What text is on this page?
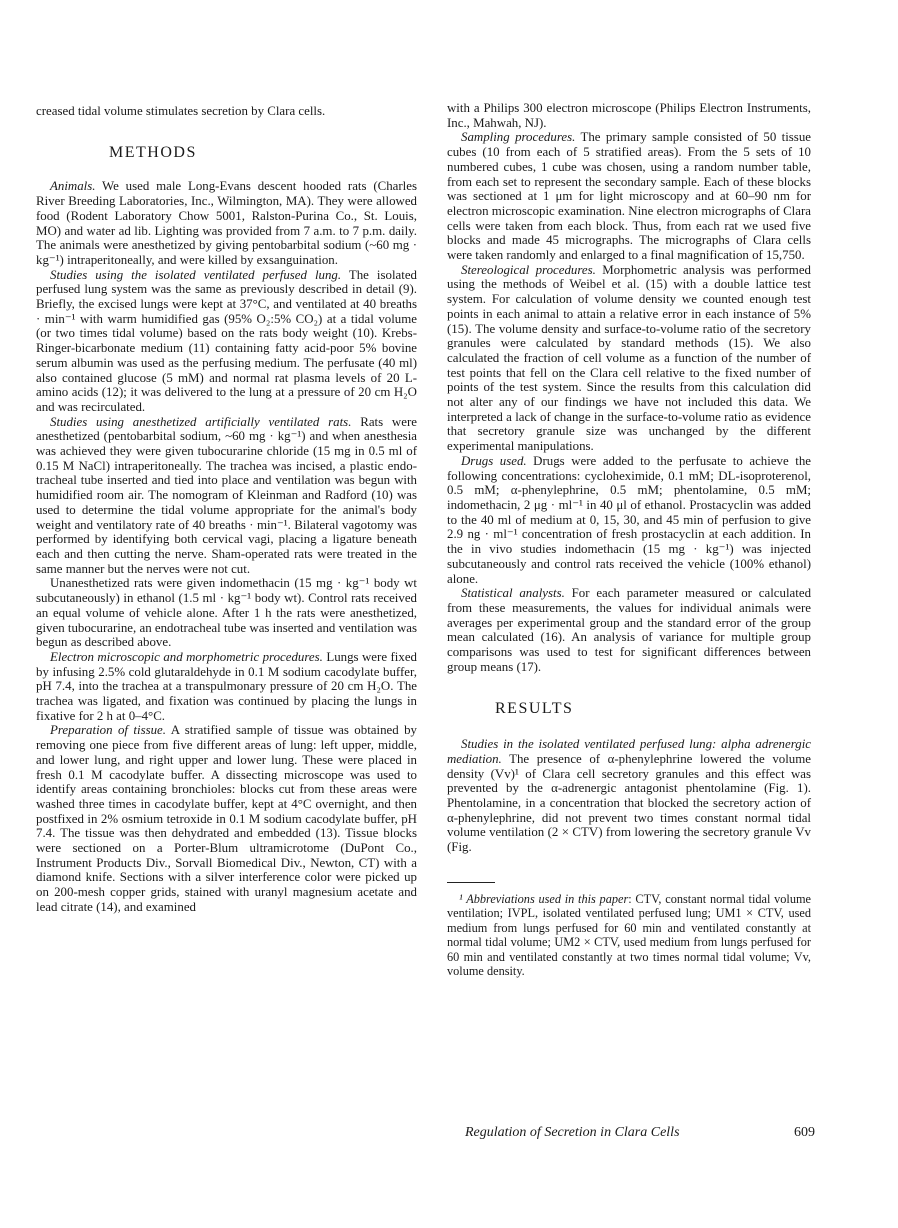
creased tidal volume stimulates secretion by Clara cells.

METHODS

Animals. We used male Long-Evans descent hooded rats (Charles River Breeding Laboratories, Inc., Wilmington, MA). They were allowed food (Rodent Laboratory Chow 5001, Ralston-Purina Co., St. Louis, MO) and water ad lib. Lighting was provided from 7 a.m. to 7 p.m. daily. The animals were anesthetized by giving pentobarbital sodium (~60 mg · kg⁻¹) intraperitoneally, and were killed by exsanguination.

Studies using the isolated ventilated perfused lung. The isolated perfused lung system was the same as previously described in detail (9). Briefly, the excised lungs were kept at 37°C, and ventilated at 40 breaths · min⁻¹ with warm humidified gas (95% O₂:5% CO₂) at a tidal volume (or two times tidal volume) based on the rats body weight (10). Krebs-Ringer-bicarbonate medium (11) containing fatty acid-poor 5% bovine serum albumin was used as the perfusing medium. The perfusate (40 ml) also contained glucose (5 mM) and normal rat plasma levels of 20 L-amino acids (12); it was delivered to the lung at a pressure of 20 cm H₂O and was recirculated.

Studies using anesthetized artificially ventilated rats. Rats were anesthetized (pentobarbital sodium, ~60 mg · kg⁻¹) and when anesthesia was achieved they were given tubocurarine chloride (15 mg in 0.5 ml of 0.15 M NaCl) intraperitoneally. The trachea was incised, a plastic endotracheal tube inserted and tied into place and ventilation was begun with humidified room air. The nomogram of Kleinman and Radford (10) was used to determine the tidal volume appropriate for the animal's body weight and ventilatory rate of 40 breaths · min⁻¹. Bilateral vagotomy was performed by identifying both cervical vagi, placing a ligature beneath each and then cutting the nerve. Sham-operated rats were treated in the same manner but the nerves were not cut.

Unanesthetized rats were given indomethacin (15 mg · kg⁻¹ body wt subcutaneously) in ethanol (1.5 ml · kg⁻¹ body wt). Control rats received an equal volume of vehicle alone. After 1 h the rats were anesthetized, given tubocurarine, an endotracheal tube was inserted and ventilation was begun as described above.

Electron microscopic and morphometric procedures. Lungs were fixed by infusing 2.5% cold glutaraldehyde in 0.1 M sodium cacodylate buffer, pH 7.4, into the trachea at a transpulmonary pressure of 20 cm H₂O. The trachea was ligated, and fixation was continued by placing the lungs in fixative for 2 h at 0–4°C.

Preparation of tissue. A stratified sample of tissue was obtained by removing one piece from five different areas of lung: left upper, middle, and lower lung, and right upper and lower lung. These were placed in fresh 0.1 M cacodylate buffer. A dissecting microscope was used to identify areas containing bronchioles: blocks cut from these areas were washed three times in cacodylate buffer, kept at 4°C overnight, and then postfixed in 2% osmium tetroxide in 0.1 M sodium cacodylate buffer, pH 7.4. The tissue was then dehydrated and embedded (13). Tissue blocks were sectioned on a Porter-Blum ultramicrotome (DuPont Co., Instrument Products Div., Sorvall Biomedical Div., Newton, CT) with a diamond knife. Sections with a silver interference color were picked up on 200-mesh copper grids, stained with uranyl magnesium acetate and lead citrate (14), and examined

with a Philips 300 electron microscope (Philips Electron Instruments, Inc., Mahwah, NJ).

Sampling procedures. The primary sample consisted of 50 tissue cubes (10 from each of 5 stratified areas). From the 5 sets of 10 numbered cubes, 1 cube was chosen, using a random number table, from each set to represent the secondary sample. Each of these blocks was sectioned at 1 μm for light microscopy and at 60–90 nm for electron microscopic examination. Nine electron micrographs of Clara cells were taken from each block. Thus, from each rat we used five blocks and made 45 micrographs. The micrographs of Clara cells were taken randomly and enlarged to a final magnification of 15,750.

Stereological procedures. Morphometric analysis was performed using the methods of Weibel et al. (15) with a double lattice test system. For calculation of volume density we counted enough test points in each animal to attain a relative error in each instance of 5% (15). The volume density and surface-to-volume ratio of the secretory granules were calculated by standard methods (15). We also calculated the fraction of cell volume as a function of the number of test points that fell on the Clara cell relative to the fixed number of points of the test system. Since the results from this calculation did not alter any of our findings we have not included this data. We interpreted a lack of change in the surface-to-volume ratio as evidence that secretory granule size was unchanged by the different experimental manipulations.

Drugs used. Drugs were added to the perfusate to achieve the following concentrations: cycloheximide, 0.1 mM; DL-isoproterenol, 0.5 mM; α-phenylephrine, 0.5 mM; phentolamine, 0.5 mM; indomethacin, 2 μg · ml⁻¹ in 40 μl of ethanol. Prostacyclin was added to the 40 ml of medium at 0, 15, 30, and 45 min of perfusion to give 2.9 ng · ml⁻¹ concentration of fresh prostacyclin at each addition. In the in vivo studies indomethacin (15 mg · kg⁻¹) was injected subcutaneously and control rats received the vehicle (100% ethanol) alone.

Statistical analysts. For each parameter measured or calculated from these measurements, the values for individual animals were averages per experimental group and the standard error of the group mean calculated (16). An analysis of variance for multiple group comparisons was used to test for significant differences between group means (17).

RESULTS

Studies in the isolated ventilated perfused lung: alpha adrenergic mediation. The presence of α-phenylephrine lowered the volume density (Vv)¹ of Clara cell secretory granules and this effect was prevented by the α-adrenergic antagonist phentolamine (Fig. 1). Phentolamine, in a concentration that blocked the secretory action of α-phenylephrine, did not prevent two times constant normal tidal volume ventilation (2 × CTV) from lowering the secretory granule Vv (Fig.

¹ Abbreviations used in this paper: CTV, constant normal tidal volume ventilation; IVPL, isolated ventilated perfused lung; UM1 × CTV, used medium from lungs perfused for 60 min and ventilated constantly at normal tidal volume; UM2 × CTV, used medium from lungs perfused for 60 min and ventilated constantly at two times normal tidal volume; Vv, volume density.

Regulation of Secretion in Clara Cells	609
